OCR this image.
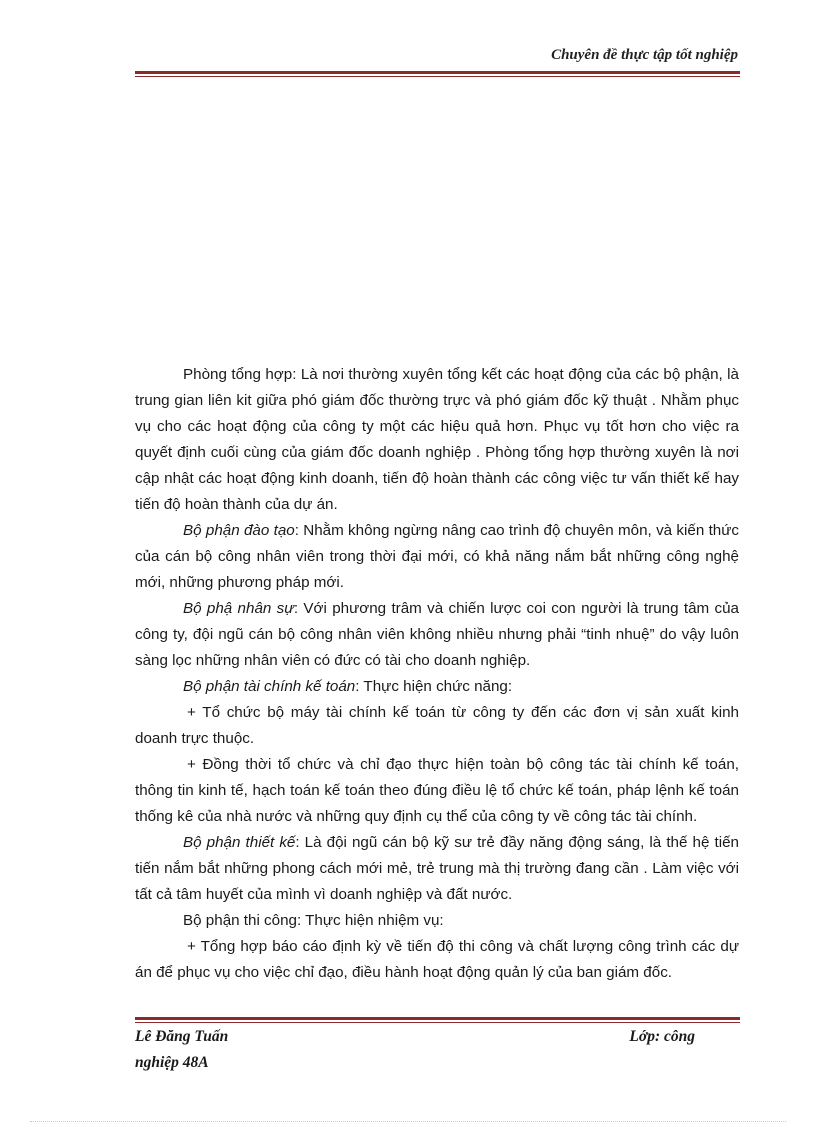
Chuyên đề thực tập tốt nghiệp

Phòng tổng hợp: Là nơi thường xuyên tổng kết các hoạt động của các bộ phận, là trung gian liên kit giữa phó giám đốc thường trực và phó giám đốc kỹ thuật . Nhằm phục vụ cho các hoạt động của công ty một các hiệu quả hơn. Phục vụ tốt hơn cho việc ra quyết định cuối cùng của giám đốc doanh nghiệp . Phòng tổng hợp thường xuyên là nơi cập nhật các hoạt động kinh doanh, tiến độ hoàn thành các công việc tư vấn thiết kế hay tiến độ hoàn thành của dự án.

Bộ phận đào tạo: Nhằm không ngừng nâng cao trình độ chuyên môn, và kiến thức của cán bộ công nhân viên trong thời đại mới, có khả năng nắm bắt những công nghệ mới, những phương pháp mới.

Bộ phậ nhân sự: Với phương trâm và chiến lược coi con người là trung tâm của công ty, đội ngũ cán bộ công nhân viên không nhiều nhưng phải “tinh nhuệ” do vậy luôn sàng lọc những nhân viên có đức có tài cho doanh nghiệp.

Bộ phận tài chính kế toán: Thực hiện chức năng:

+ Tổ chức bộ máy tài chính kế toán từ công ty đến các đơn vị sản xuất kinh doanh trực thuộc.

+ Đồng thời tổ chức và chỉ đạo thực hiện toàn bộ công tác tài chính kế toán, thông tin kinh tế, hạch toán kế toán theo đúng điều lệ tổ chức kế toán, pháp lệnh kế toán thống kê của nhà nước và những quy định cụ thể của công ty về công tác tài chính.

Bộ phận thiết kế: Là đội ngũ cán bộ kỹ sư trẻ đầy năng động sáng, là thế hệ tiến tiến nắm bắt những phong cách mới mẻ, trẻ trung mà thị trường đang cần . Làm việc với tất cả tâm huyết của mình vì doanh nghiệp và đất nước.

Bộ phận thi công: Thực hiện nhiệm vụ:

+ Tổng hợp báo cáo định kỳ về tiến độ thi công và chất lượng công trình các dự án để phục vụ cho việc chỉ đạo, điều hành hoạt động quản lý của ban giám đốc.

Lê Đăng Tuấn	Lớp: công
nghiệp 48A
